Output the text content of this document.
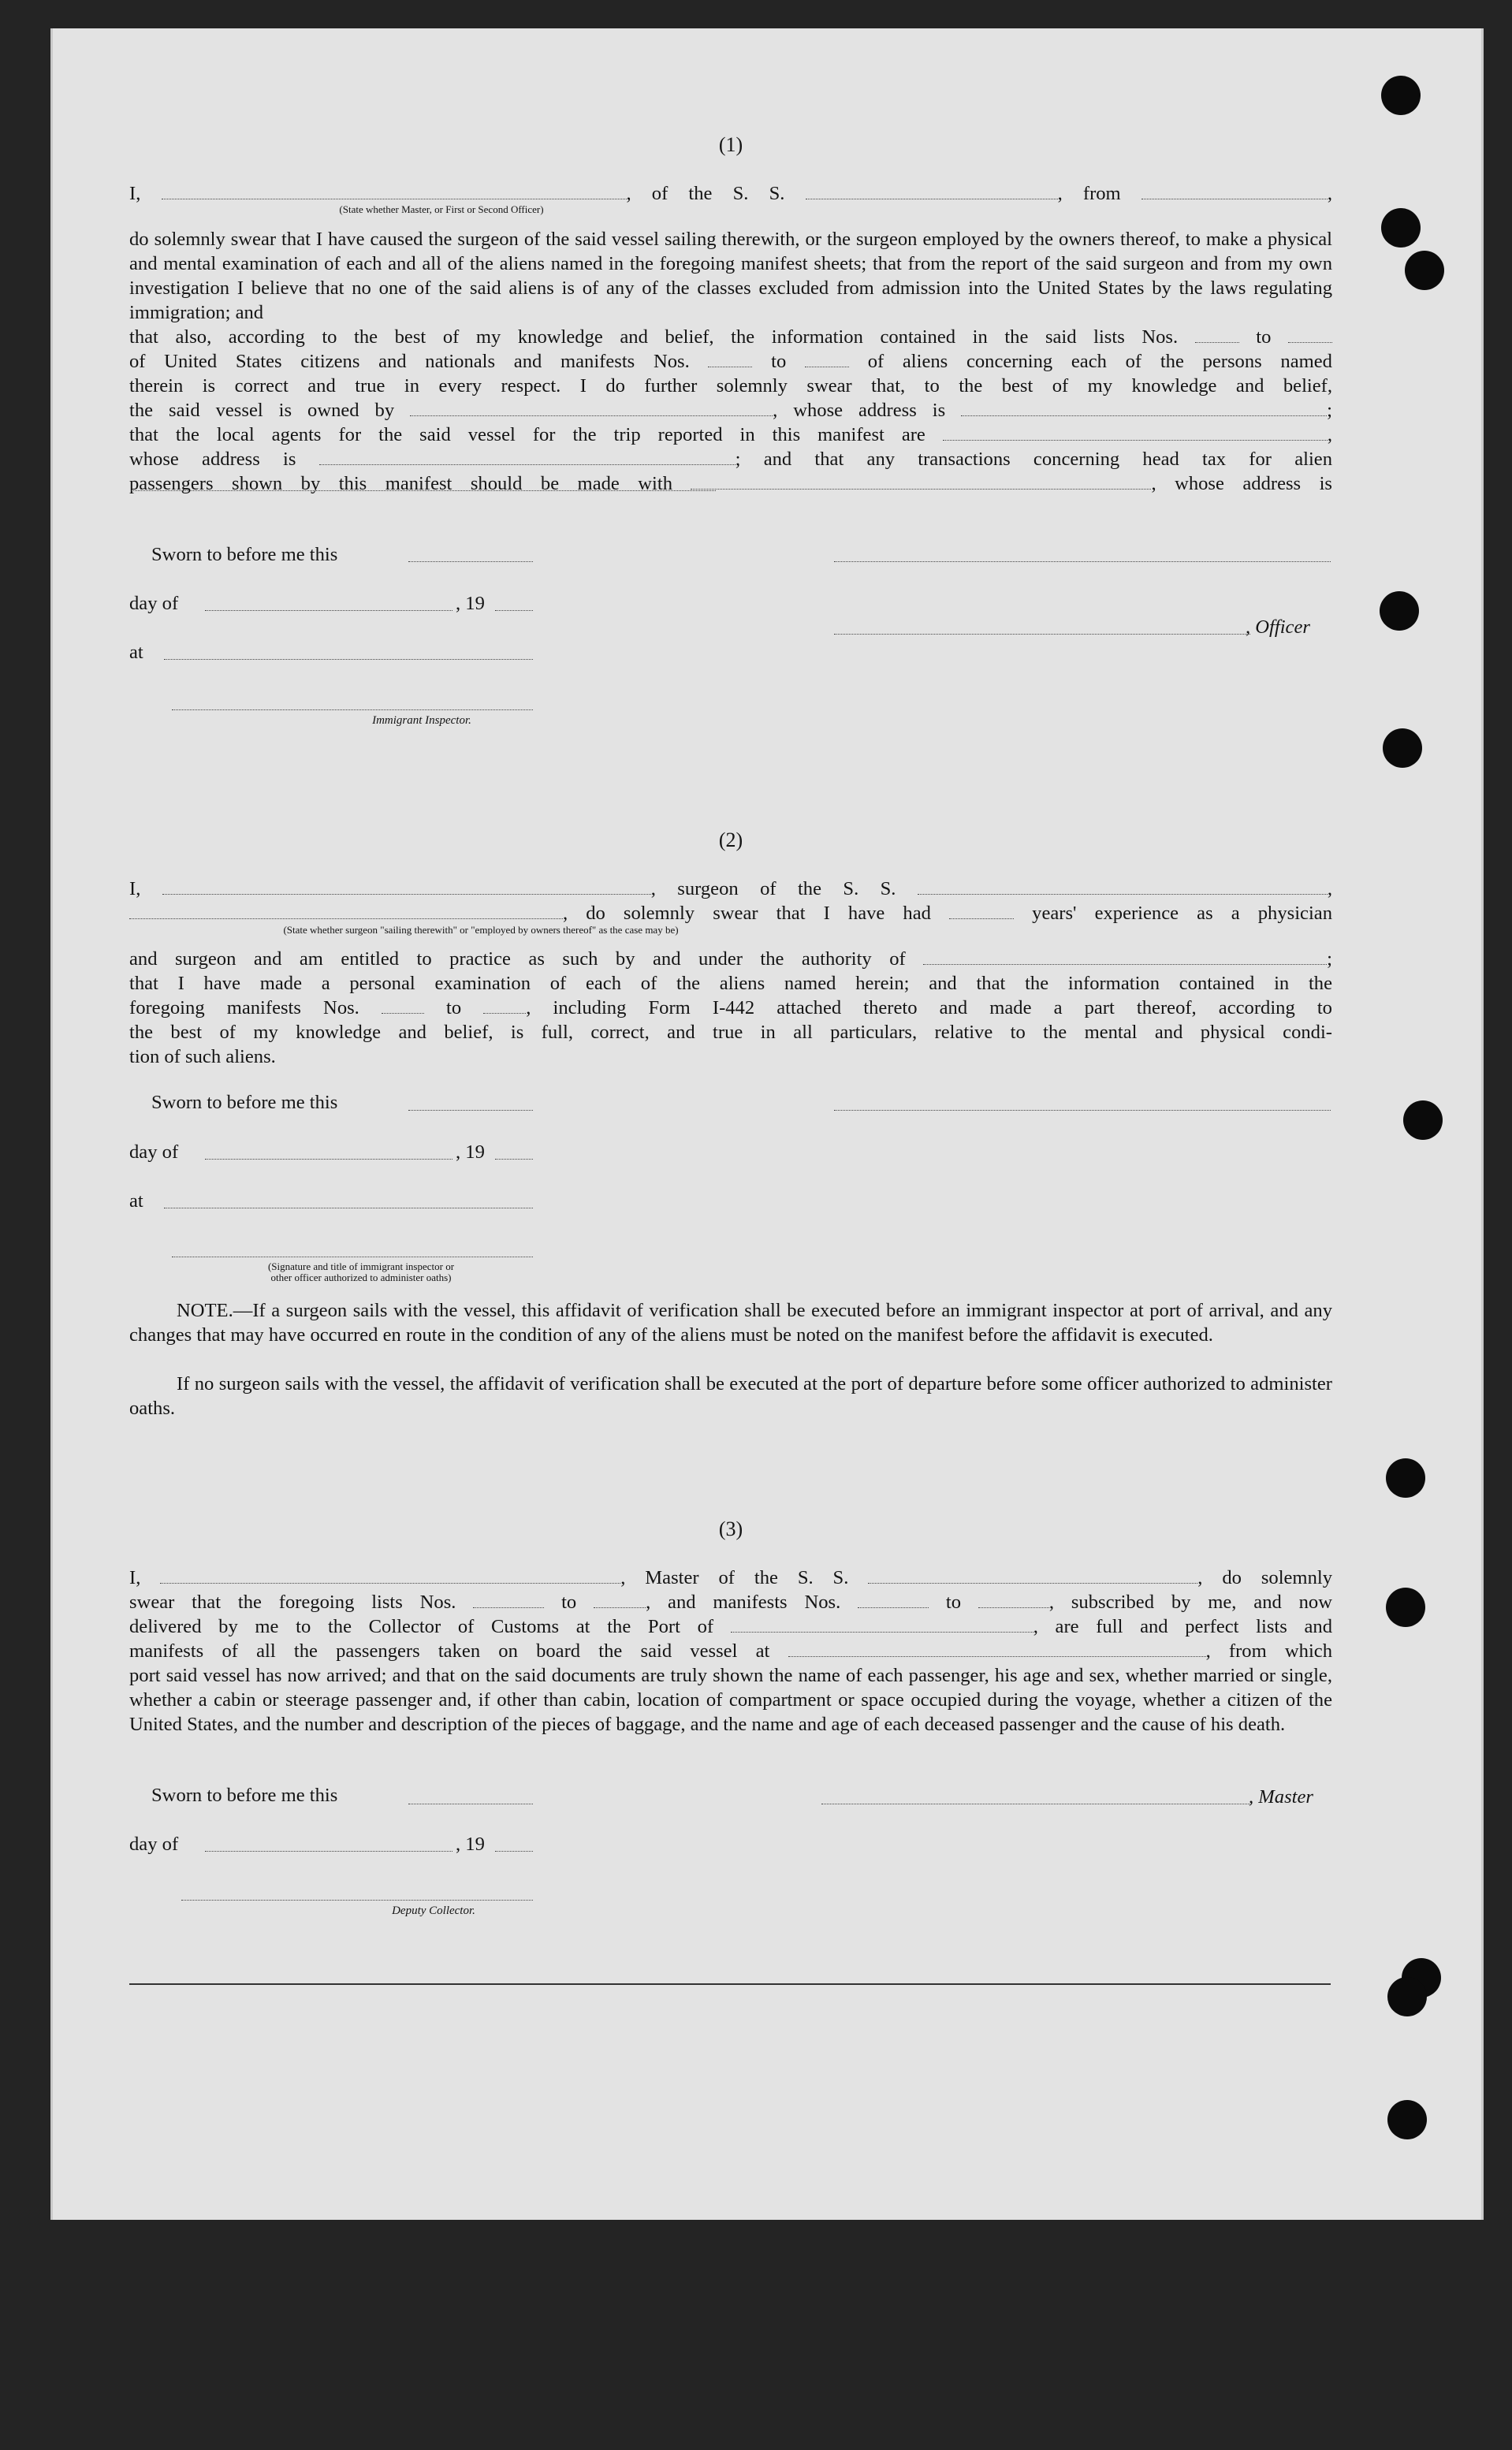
(1)
I,	, of the S. S.	, from	,
(State whether Master, or First or Second Officer)
do solemnly swear that I have caused the surgeon of the said vessel sailing therewith, or the surgeon employed by the owners thereof, to make a physical and mental examination of each and all of the aliens named in the foregoing manifest sheets; that from the report of the said surgeon and from my own investigation I believe that no one of the said aliens is of any of the classes excluded from admission into the United States by the laws regulating immigration; and
that also, according to the best of my knowledge and belief, the information contained in the said lists Nos.	to
of United States citizens and nationals and manifests Nos.	to	of aliens concerning each of the persons named
therein is correct and true in every respect. I do further solemnly swear that, to the best of my knowledge and belief,
the said vessel is owned by	, whose address is	;
that the local agents for the said vessel for the trip reported in this manifest are	,
whose address is	; and that any transactions concerning head tax for alien
passengers shown by this manifest should be made with	, whose address is
Sworn to before me this
day of	, 19
, Officer
at
Immigrant Inspector.
(2)
I,	, surgeon of the S. S.	,
, do solemnly swear that I have had	years' experience as a physician
(State whether surgeon "sailing therewith" or "employed by owners thereof" as the case may be)
and surgeon and am entitled to practice as such by and under the authority of	;
that I have made a personal examination of each of the aliens named herein; and that the information contained in the
foregoing manifests Nos.	to	, including Form I-442 attached thereto and made a part thereof, according to
the best of my knowledge and belief, is full, correct, and true in all particulars, relative to the mental and physical condi-
tion of such aliens.
Sworn to before me this
day of	, 19
at
(Signature and title of immigrant inspector or
other officer authorized to administer oaths)
NOTE.—If a surgeon sails with the vessel, this affidavit of verification shall be executed before an immigrant inspector at port of arrival, and any changes that may have occurred en route in the condition of any of the aliens must be noted on the manifest before the affidavit is executed.
If no surgeon sails with the vessel, the affidavit of verification shall be executed at the port of departure before some officer authorized to administer oaths.
(3)
I,	, Master of the S. S.	, do solemnly
swear that the foregoing lists Nos.	to	, and manifests Nos.	to	, subscribed by me, and now
delivered by me to the Collector of Customs at the Port of	, are full and perfect lists and
manifests of all the passengers taken on board the said vessel at	, from which
port said vessel has now arrived; and that on the said documents are truly shown the name of each passenger, his age and sex, whether married or single, whether a cabin or steerage passenger and, if other than cabin, location of compartment or space occupied during the voyage, whether a citizen of the United States, and the number and description of the pieces of baggage, and the name and age of each deceased passenger and the cause of his death.
Sworn to before me this	, Master
day of	, 19
Deputy Collector.
